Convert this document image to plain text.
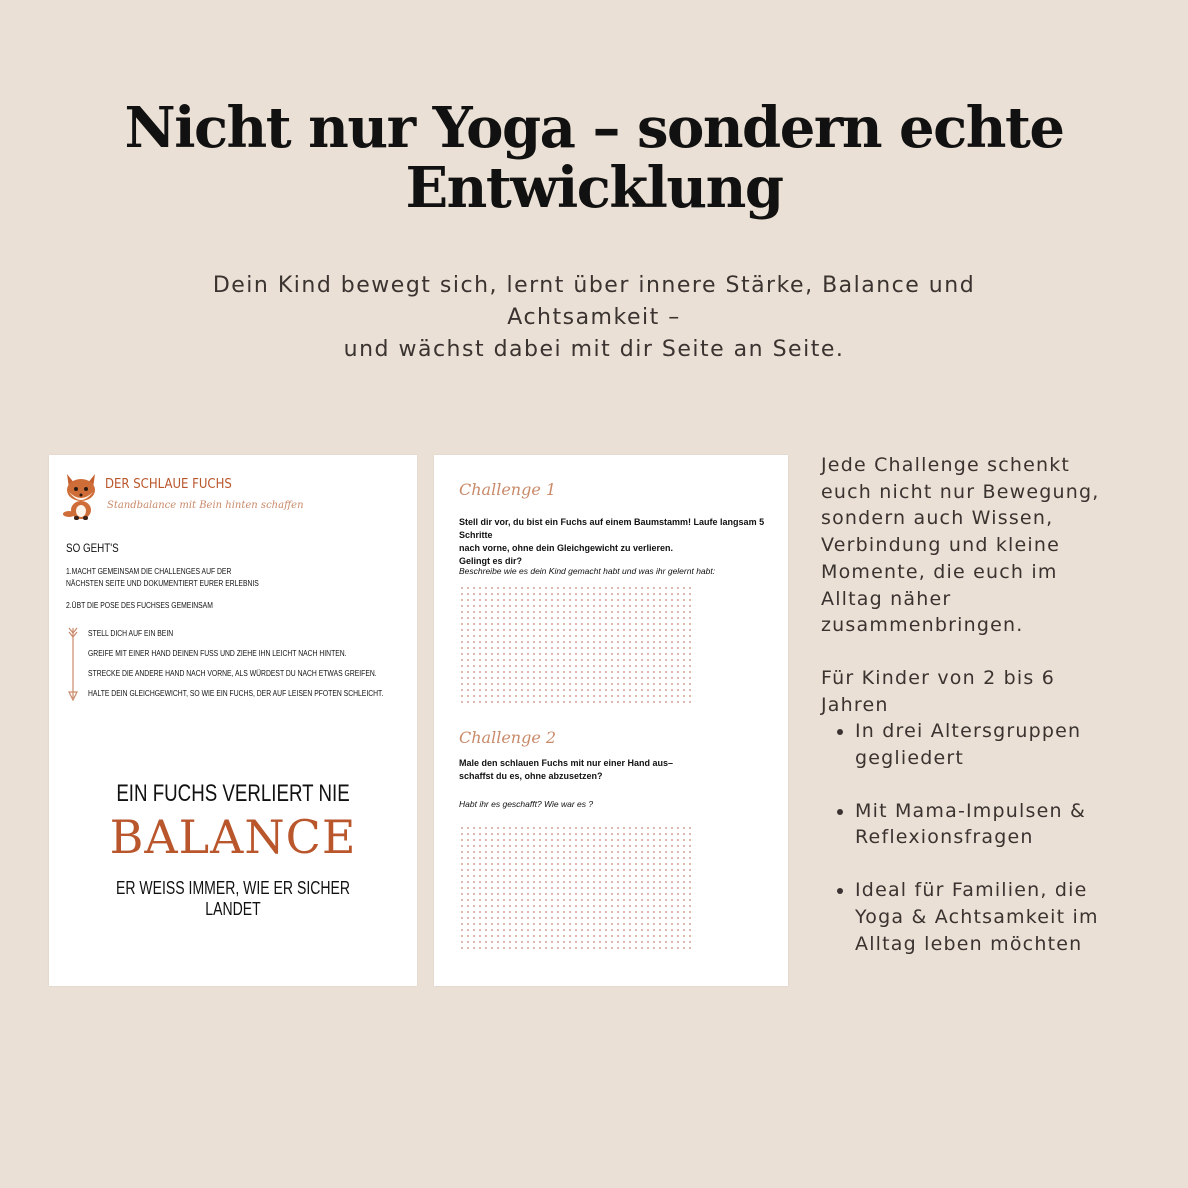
Nicht nur Yoga – sondern echte
Entwicklung
Dein Kind bewegt sich, lernt über innere Stärke, Balance und
Achtsamkeit –
und wächst dabei mit dir Seite an Seite.
DER SCHLAUE FUCHS
Standbalance mit Bein hinten schaffen
SO GEHT'S
1.MACHT GEMEINSAM DIE CHALLENGES AUF DER
NÄCHSTEN SEITE UND DOKUMENTIERT EURER ERLEBNIS
2.ÜBT DIE POSE DES FUCHSES GEMEINSAM
STELL DICH AUF EIN BEIN
GREIFE MIT EINER HAND DEINEN FUSS UND ZIEHE IHN LEICHT NACH HINTEN.
STRECKE DIE ANDERE HAND NACH VORNE, ALS WÜRDEST DU NACH ETWAS GREIFEN.
HALTE DEIN GLEICHGEWICHT, SO WIE EIN FUCHS, DER AUF LEISEN PFOTEN SCHLEICHT.
EIN FUCHS VERLIERT NIE
BALANCE
ER WEISS IMMER, WIE ER SICHER LANDET
Challenge 1
Stell dir vor, du bist ein Fuchs auf einem Baumstamm! Laufe langsam 5 Schritte
nach vorne, ohne dein Gleichgewicht zu verlieren.
Gelingt es dir?
Beschreibe wie es dein Kind gemacht habt und was ihr gelernt habt:
Challenge 2
Male den schlauen Fuchs mit nur einer Hand aus–
schaffst du es, ohne abzusetzen?
Habt ihr es geschafft? Wie war es ?
Jede Challenge schenkt
euch nicht nur Bewegung,
sondern auch Wissen,
Verbindung und kleine
Momente, die euch im
Alltag näher
zusammenbringen.
Für Kinder von 2 bis 6
Jahren
• In drei Altersgruppen
gegliedert
• Mit Mama-Impulsen &
Reflexionsfragen
• Ideal für Familien, die
Yoga & Achtsamkeit im
Alltag leben möchten
